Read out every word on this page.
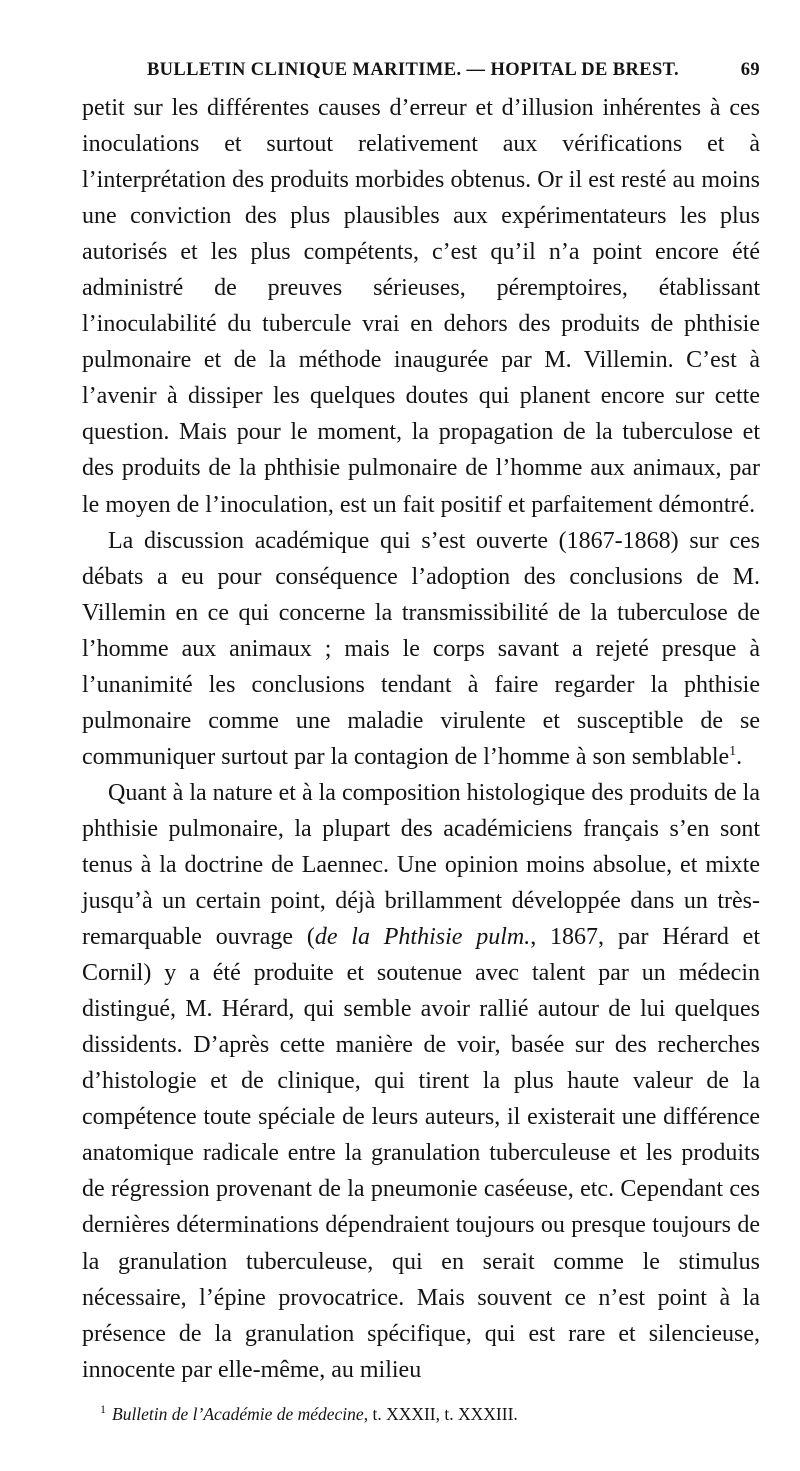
BULLETIN CLINIQUE MARITIME. — HOPITAL DE BREST.	69

petit sur les différentes causes d’erreur et d’illusion inhérentes à ces inoculations et surtout relativement aux vérifications et à l’interprétation des produits morbides obtenus. Or il est resté au moins une conviction des plus plausibles aux expérimentateurs les plus autorisés et les plus compétents, c’est qu’il n’a point encore été administré de preuves sérieuses, péremptoires, établissant l’inoculabilité du tubercule vrai en dehors des produits de phthisie pulmonaire et de la méthode inaugurée par M. Villemin. C’est à l’avenir à dissiper les quelques doutes qui planent encore sur cette question. Mais pour le moment, la propagation de la tuberculose et des produits de la phthisie pulmonaire de l’homme aux animaux, par le moyen de l’inoculation, est un fait positif et parfaitement démontré.

La discussion académique qui s’est ouverte (1867-1868) sur ces débats a eu pour conséquence l’adoption des conclusions de M. Villemin en ce qui concerne la transmissibilité de la tuberculose de l’homme aux animaux ; mais le corps savant a rejeté presque à l’unanimité les conclusions tendant à faire regarder la phthisie pulmonaire comme une maladie virulente et susceptible de se communiquer surtout par la contagion de l’homme à son semblable$^1$.

Quant à la nature et à la composition histologique des produits de la phthisie pulmonaire, la plupart des académiciens français s’en sont tenus à la doctrine de Laennec. Une opinion moins absolue, et mixte jusqu’à un certain point, déjà brillamment développée dans un très-remarquable ouvrage (de la Phthisie pulm., 1867, par Hérard et Cornil) y a été produite et soutenue avec talent par un médecin distingué, M. Hérard, qui semble avoir rallié autour de lui quelques dissidents. D’après cette manière de voir, basée sur des recherches d’histologie et de clinique, qui tirent la plus haute valeur de la compétence toute spéciale de leurs auteurs, il existerait une différence anatomique radicale entre la granulation tuberculeuse et les produits de régression provenant de la pneumonie caséeuse, etc. Cependant ces dernières déterminations dépendraient toujours ou presque toujours de la granulation tuberculeuse, qui en serait comme le stimulus nécessaire, l’épine provocatrice. Mais souvent ce n’est point à la présence de la granulation spécifique, qui est rare et silencieuse, innocente par elle-même, au milieu

$^1$ Bulletin de l’Académie de médecine, t. XXXII, t. XXXIII.
